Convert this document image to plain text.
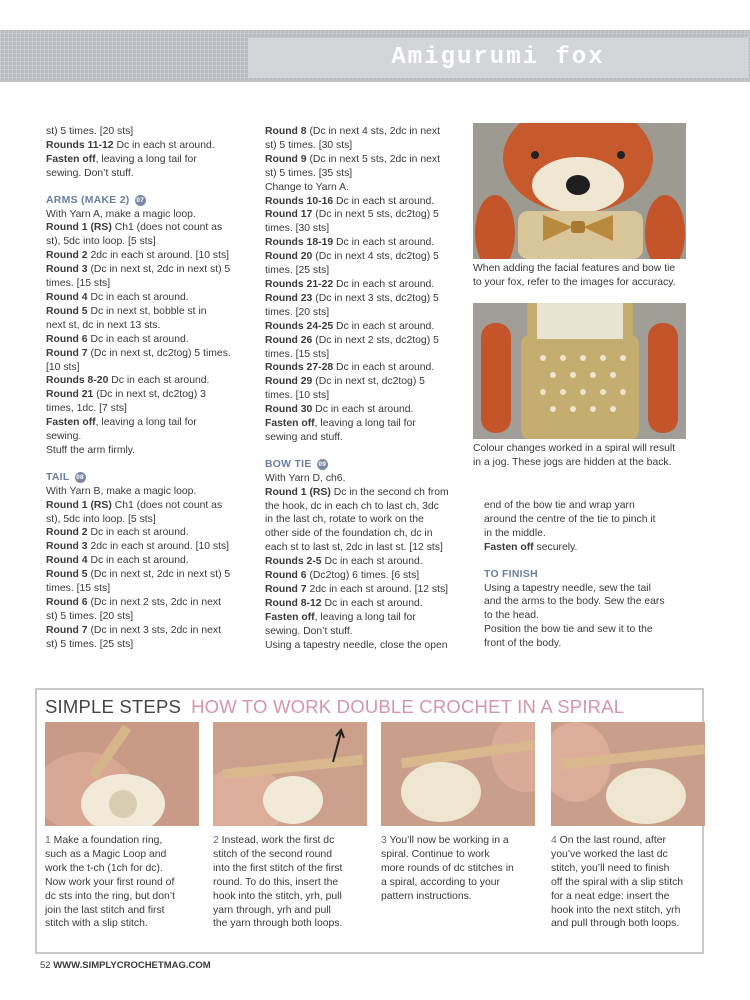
Amigurumi fox

st) 5 times. [20 sts]

Rounds 11-12 Dc in each st around.

Fasten off, leaving a long tail for

sewing. Don’t stuff.

ARMS (MAKE 2) 07

With Yarn A, make a magic loop.

Round 1 (RS) Ch1 (does not count as

st), 5dc into loop. [5 sts]

Round 2 2dc in each st around. [10 sts]

Round 3 (Dc in next st, 2dc in next st) 5

times. [15 sts]

Round 4 Dc in each st around.

Round 5 Dc in next st, bobble st in

next st, dc in next 13 sts.

Round 6 Dc in each st around.

Round 7 (Dc in next st, dc2tog) 5 times.

[10 sts]

Rounds 8-20 Dc in each st around.

Round 21 (Dc in next st, dc2tog) 3

times, 1dc. [7 sts]

Fasten off, leaving a long tail for

sewing.

Stuff the arm firmly.

TAIL 08

With Yarn B, make a magic loop.

Round 1 (RS) Ch1 (does not count as

st), 5dc into loop. [5 sts]

Round 2 Dc in each st around.

Round 3 2dc in each st around. [10 sts]

Round 4 Dc in each st around.

Round 5 (Dc in next st, 2dc in next st) 5

times. [15 sts]

Round 6 (Dc in next 2 sts, 2dc in next

st) 5 times. [20 sts]

Round 7 (Dc in next 3 sts, 2dc in next

st) 5 times. [25 sts]

Round 8 (Dc in next 4 sts, 2dc in next

st) 5 times. [30 sts]

Round 9 (Dc in next 5 sts, 2dc in next

st) 5 times. [35 sts]

Change to Yarn A.

Rounds 10-16 Dc in each st around.

Round 17 (Dc in next 5 sts, dc2tog) 5

times. [30 sts]

Rounds 18-19 Dc in each st around.

Round 20 (Dc in next 4 sts, dc2tog) 5

times. [25 sts]

Rounds 21-22 Dc in each st around.

Round 23 (Dc in next 3 sts, dc2tog) 5

times. [20 sts]

Rounds 24-25 Dc in each st around.

Round 26 (Dc in next 2 sts, dc2tog) 5

times. [15 sts]

Rounds 27-28 Dc in each st around.

Round 29 (Dc in next st, dc2tog) 5

times. [10 sts]

Round 30 Dc in each st around.

Fasten off, leaving a long tail for

sewing and stuff.

BOW TIE 09

With Yarn D, ch6.

Round 1 (RS) Dc in the second ch from

the hook, dc in each ch to last ch, 3dc

in the last ch, rotate to work on the

other side of the foundation ch, dc in

each st to last st, 2dc in last st. [12 sts]

Rounds 2-5 Dc in each st around.

Round 6 (Dc2tog) 6 times. [6 sts]

Round 7 2dc in each st around. [12 sts]

Round 8-12 Dc in each st around.

Fasten off, leaving a long tail for

sewing. Don’t stuff.

Using a tapestry needle, close the open

end of the bow tie and wrap yarn

around the centre of the tie to pinch it

in the middle.

Fasten off securely.

TO FINISH

Using a tapestry needle, sew the tail

and the arms to the body. Sew the ears

to the head.

Position the bow tie and sew it to the

front of the body.

When adding the facial features and bow tie
to your fox, refer to the images for accuracy.
Colour changes worked in a spiral will result
in a jog. These jogs are hidden at the back.
SIMPLE STEPS HOW TO WORK DOUBLE CROCHET IN A SPIRAL
1 Make a foundation ring,
such as a Magic Loop and
work the t-ch (1ch for dc).
Now work your first round of
dc sts into the ring, but don’t
join the last stitch and first
stitch with a slip stitch.
2 Instead, work the first dc
stitch of the second round
into the first stitch of the first
round. To do this, insert the
hook into the stitch, yrh, pull
yarn through, yrh and pull
the yarn through both loops.
3 You’ll now be working in a
spiral. Continue to work
more rounds of dc stitches in
a spiral, according to your
pattern instructions.
4 On the last round, after
you’ve worked the last dc
stitch, you’ll need to finish
off the spiral with a slip stitch
for a neat edge: insert the
hook into the next stitch, yrh
and pull through both loops.
52 WWW.SIMPLYCROCHETMAG.COM
